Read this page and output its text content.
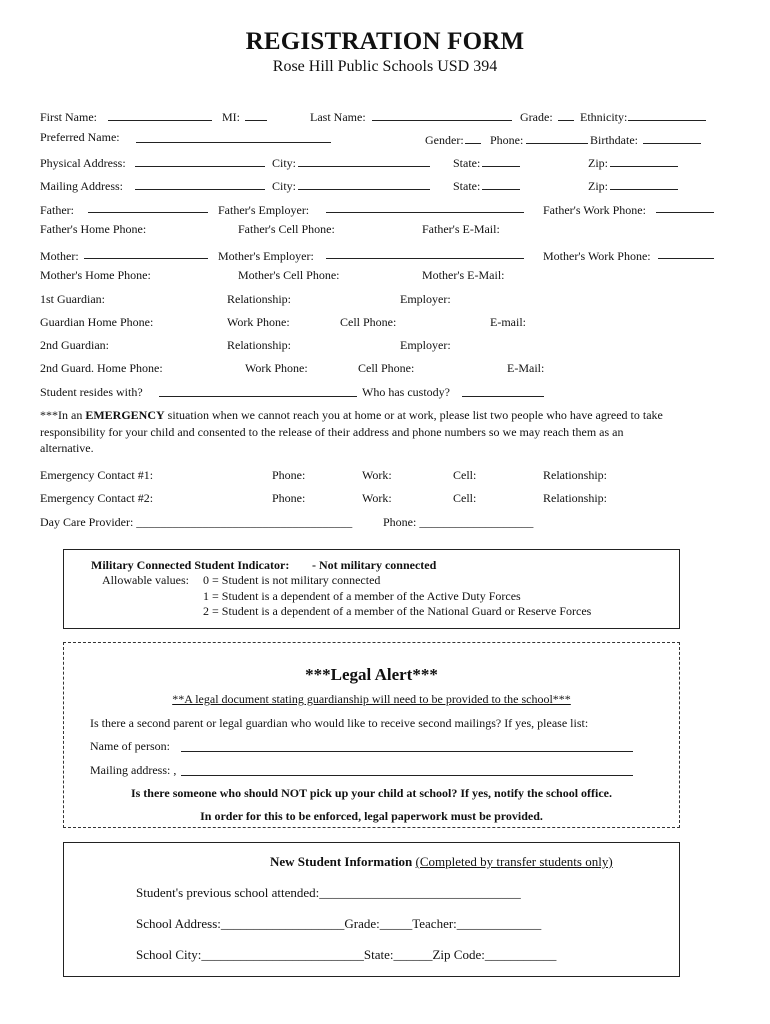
REGISTRATION FORM
Rose Hill Public Schools USD 394
First Name:	MI:	Last Name:	Grade: Ethnicity:
Preferred Name:	Gender: Phone:	Birthdate:
Physical Address:	City:	State:	Zip:
Mailing Address:	City:	State:	Zip:
Father:	Father's Employer:	Father's Work Phone:
Father's Home Phone:	Father's Cell Phone:	Father's E-Mail:
Mother:	Mother's Employer:	Mother's Work Phone:
Mother's Home Phone:	Mother's Cell Phone:	Mother's E-Mail:
1st Guardian:	Relationship:	Employer:
Guardian Home Phone:	Work Phone:	Cell Phone:	E-mail:
2nd Guardian:	Relationship:	Employer:
2nd Guard. Home Phone:	Work Phone:	Cell Phone:	E-Mail:
Student resides with?	Who has custody?
***In an EMERGENCY situation when we cannot reach you at home or at work, please list two people who have agreed to take responsibility for your child and consented to the release of their address and phone numbers so we may reach them as an alternative.
Emergency Contact #1:	Phone:	Work:	Cell:	Relationship:
Emergency Contact #2:	Phone:	Work:	Cell:	Relationship:
Day Care Provider: ____________________________________	Phone: ___________________
Military Connected Student Indicator: - Not military connected
Allowable values: 0 = Student is not military connected
1 = Student is a dependent of a member of the Active Duty Forces
2 = Student is a dependent of a member of the National Guard or Reserve Forces
***Legal Alert***
**A legal document stating guardianship will need to be provided to the school***
Is there a second parent or legal guardian who would like to receive second mailings? If yes, please list:
Name of person:
Mailing address: ,
Is there someone who should NOT pick up your child at school? If yes, notify the school office.
In order for this to be enforced, legal paperwork must be provided.
New Student Information (Completed by transfer students only)
Student's previous school attended:_______________________________
School Address:___________________Grade:_____Teacher:_____________
School City:_________________________State:______Zip Code:___________
